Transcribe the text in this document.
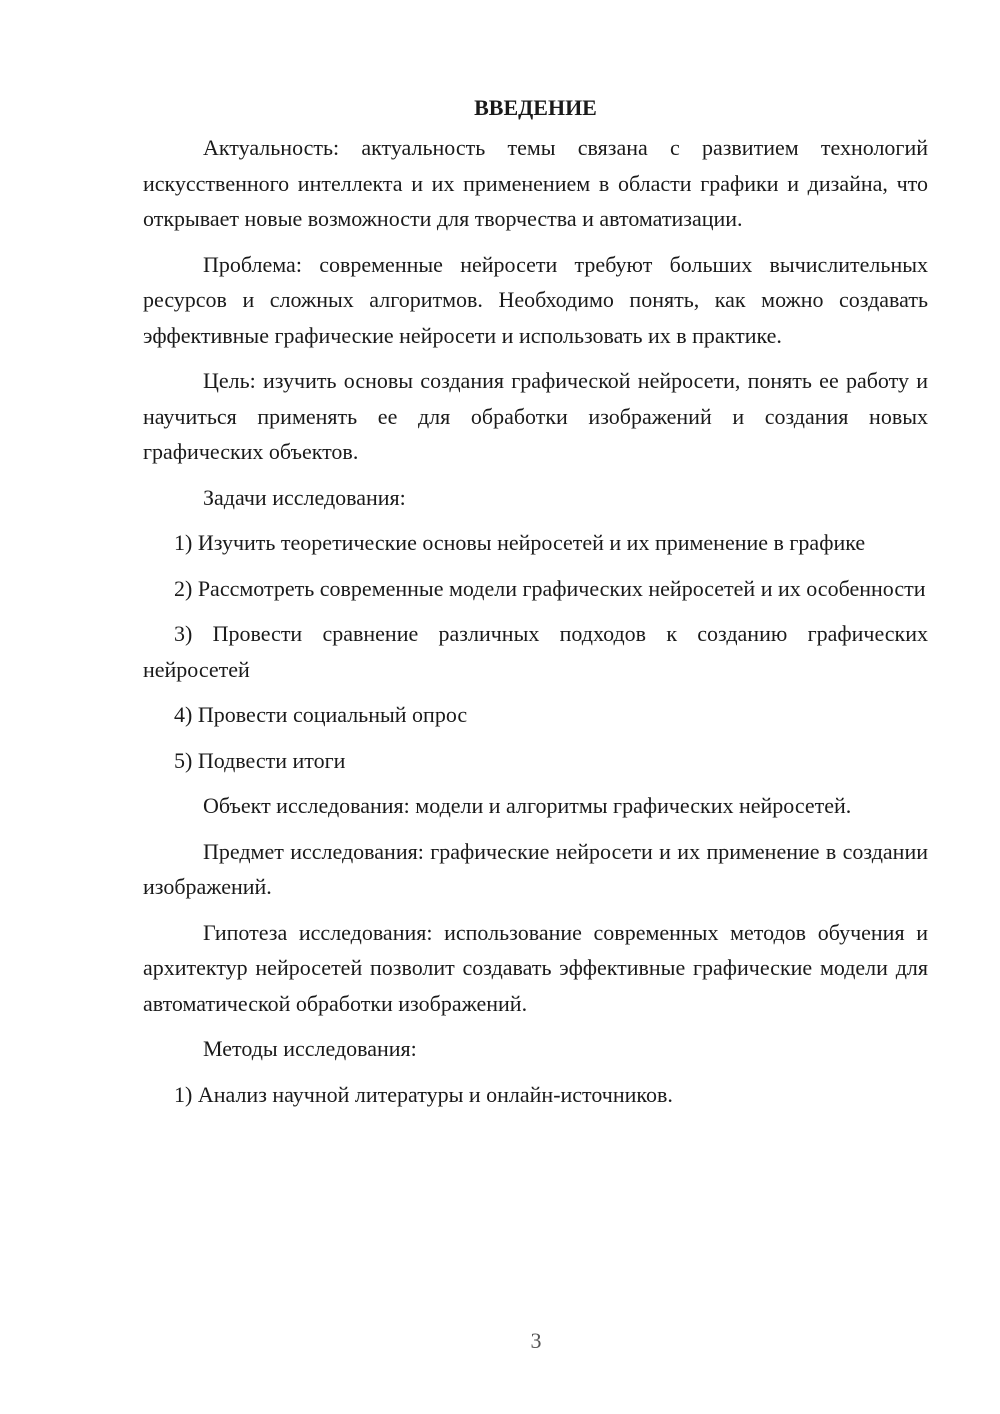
ВВЕДЕНИЕ

Актуальность: актуальность темы связана с развитием технологий искусственного интеллекта и их применением в области графики и дизайна, что открывает новые возможности для творчества и автоматизации.

Проблема: современные нейросети требуют больших вычислительных ресурсов и сложных алгоритмов. Необходимо понять, как можно создавать эффективные графические нейросети и использовать их в практике.

Цель: изучить основы создания графической нейросети, понять ее работу и научиться применять ее для обработки изображений и создания новых графических объектов.

Задачи исследования:

1) Изучить теоретические основы нейросетей и их применение в графике

2) Рассмотреть современные модели графических нейросетей и их особенности

3) Провести сравнение различных подходов к созданию графических нейросетей

4) Провести социальный опрос

5) Подвести итоги

Объект исследования: модели и алгоритмы графических нейросетей.

Предмет исследования: графические нейросети и их применение в создании изображений.

Гипотеза исследования: использование современных методов обучения и архитектур нейросетей позволит создавать эффективные графические модели для автоматической обработки изображений.

Методы исследования:

1) Анализ научной литературы и онлайн-источников.

3
